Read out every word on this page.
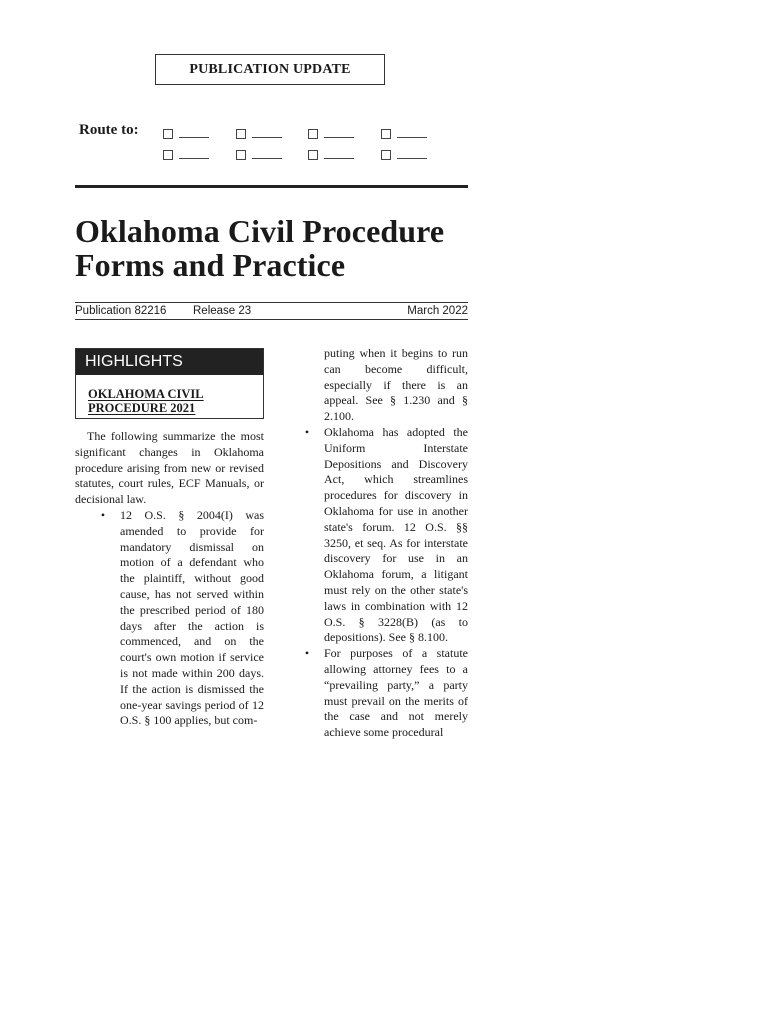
PUBLICATION UPDATE
Route to:
Oklahoma Civil Procedure
Forms and Practice
Publication 82216 Release 23	March 2022
HIGHLIGHTS
OKLAHOMA CIVIL
PROCEDURE 2021

The following summarize the most significant changes in Oklahoma procedure arising from new or revised statutes, court rules, ECF Manuals, or decisional law.

• 12 O.S. § 2004(I) was amended to provide for mandatory dismissal on motion of a defendant who the plaintiff, without good cause, has not served within the prescribed period of 180 days after the action is commenced, and on the court's own motion if service is not made within 200 days. If the action is dismissed the one-year savings period of 12 O.S. § 100 applies, but com-

puting when it begins to run can become difficult, especially if there is an appeal. See § 1.230 and § 2.100.

• Oklahoma has adopted the Uniform Interstate Depositions and Discovery Act, which streamlines procedures for discovery in Oklahoma for use in another state's forum. 12 O.S. §§ 3250, et seq. As for interstate discovery for use in an Oklahoma forum, a litigant must rely on the other state's laws in combination with 12 O.S. § 3228(B) (as to depositions). See § 8.100.
• For purposes of a statute allowing attorney fees to a “prevailing party,” a party must prevail on the merits of the case and not merely achieve some procedural
